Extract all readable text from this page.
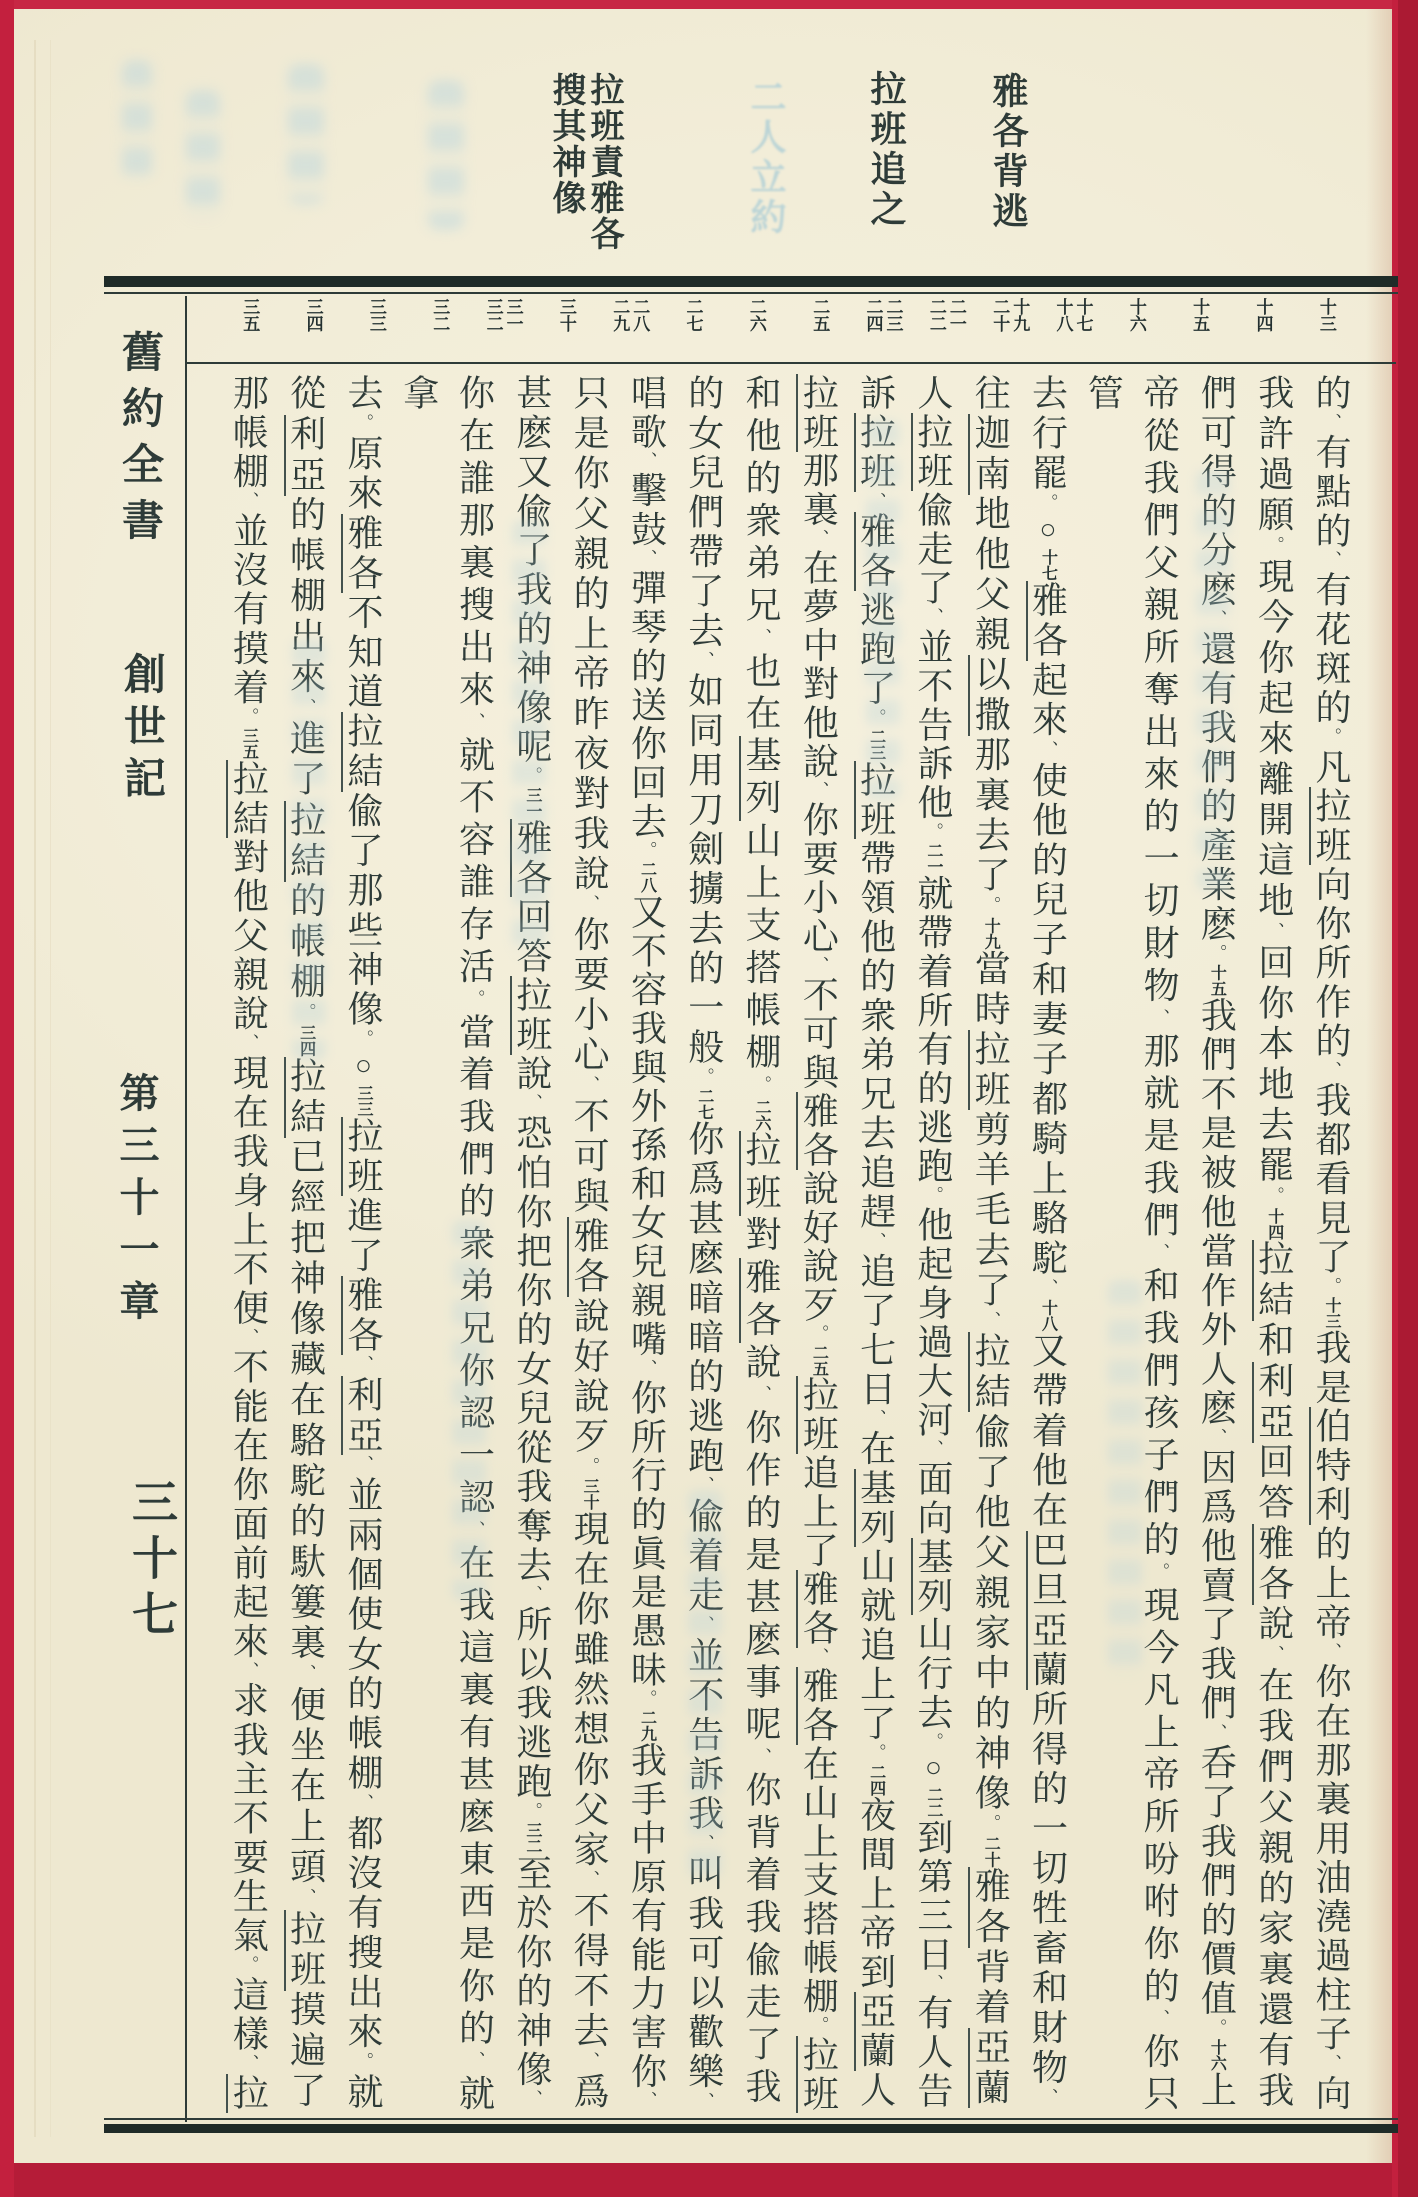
雅各背逃
拉班追之
拉班責雅各
搜其神像	二人立約
十三
十四
十五
十六
十七
十八
十九
二十
二一
二二
二三
二四
二五
二六
二七
二八
二九
三十
三一
三二
三二
三三
三四
三五
的、有點的、有花斑的。凡拉班向你所作的、我都看見了。十三我是伯特利的上帝、你在那裏用油澆過柱子、向
我許過願。現今你起來離開這地、回你本地去罷。十四拉結和利亞回答雅各說、在我們父親的家裏還有我
們可得的分麽、還有我們的產業麽。十五我們不是被他當作外人麽、因爲他賣了我們、呑了我們的價值。十六上
帝從我們父親所奪出來的一切財物、那就是我們、和我們孩子們的。現今凡上帝所吩咐你的、你只管
去行罷。○十七雅各起來、使他的兒子和妻子都騎上駱駝、十八又帶着他在巴旦亞蘭所得的一切牲畜和財物、
往迦南地他父親以撒那裏去了。十九當時拉班剪羊毛去了、拉結偸了他父親家中的神像。二十雅各背着亞蘭
人拉班偸走了、並不告訴他。二一就帶着所有的逃跑。他起身過大河、面向基列山行去。○二二到第三日、有人告
訴拉班、雅各逃跑了。二三拉班帶領他的衆弟兄去追趕、追了七日、在基列山就追上了。二四夜間上帝到亞蘭人
拉班那裏、在夢中對他說、你要小心、不可與雅各說好說歹。二五拉班追上了雅各、雅各在山上支搭帳棚。拉班
和他的衆弟兄、也在基列山上支搭帳棚。二六拉班對雅各說、你作的是甚麽事呢、你背着我偸走了我
的女兒們帶了去、如同用刀劍擄去的一般。二七你爲甚麽暗暗的逃跑、偸着走、並不告訴我、叫我可以歡樂、
唱歌、擊鼓、彈琴的送你回去。二八又不容我與外孫和女兒親嘴、你所行的眞是愚昧。二九我手中原有能力害你、
只是你父親的上帝昨夜對我說、你要小心、不可與雅各說好說歹。三十現在你雖然想你父家、不得不去、爲
甚麽又偸了我的神像呢。三一雅各回答拉班說、恐怕你把你的女兒從我奪去、所以我逃跑。三二至於你的神像、
你在誰那裏搜出來、就不容誰存活。當着我們的衆弟兄你認一認、在我這裏有甚麽東西是你的、就拿
去。原來雅各不知道拉結偸了那些神像。○三三拉班進了雅各、利亞、並兩個使女的帳棚、都沒有搜出來。就
從利亞的帳棚出來、進了拉結的帳棚。三四拉結已經把神像藏在駱駝的馱簍裏、便坐在上頭、拉班摸遍了
那帳棚、並沒有摸着。三五拉結對他父親說、現在我身上不便、不能在你面前起來、求我主不要生氣。這樣、拉
舊約全書
創世記
第三十一章
三十七
